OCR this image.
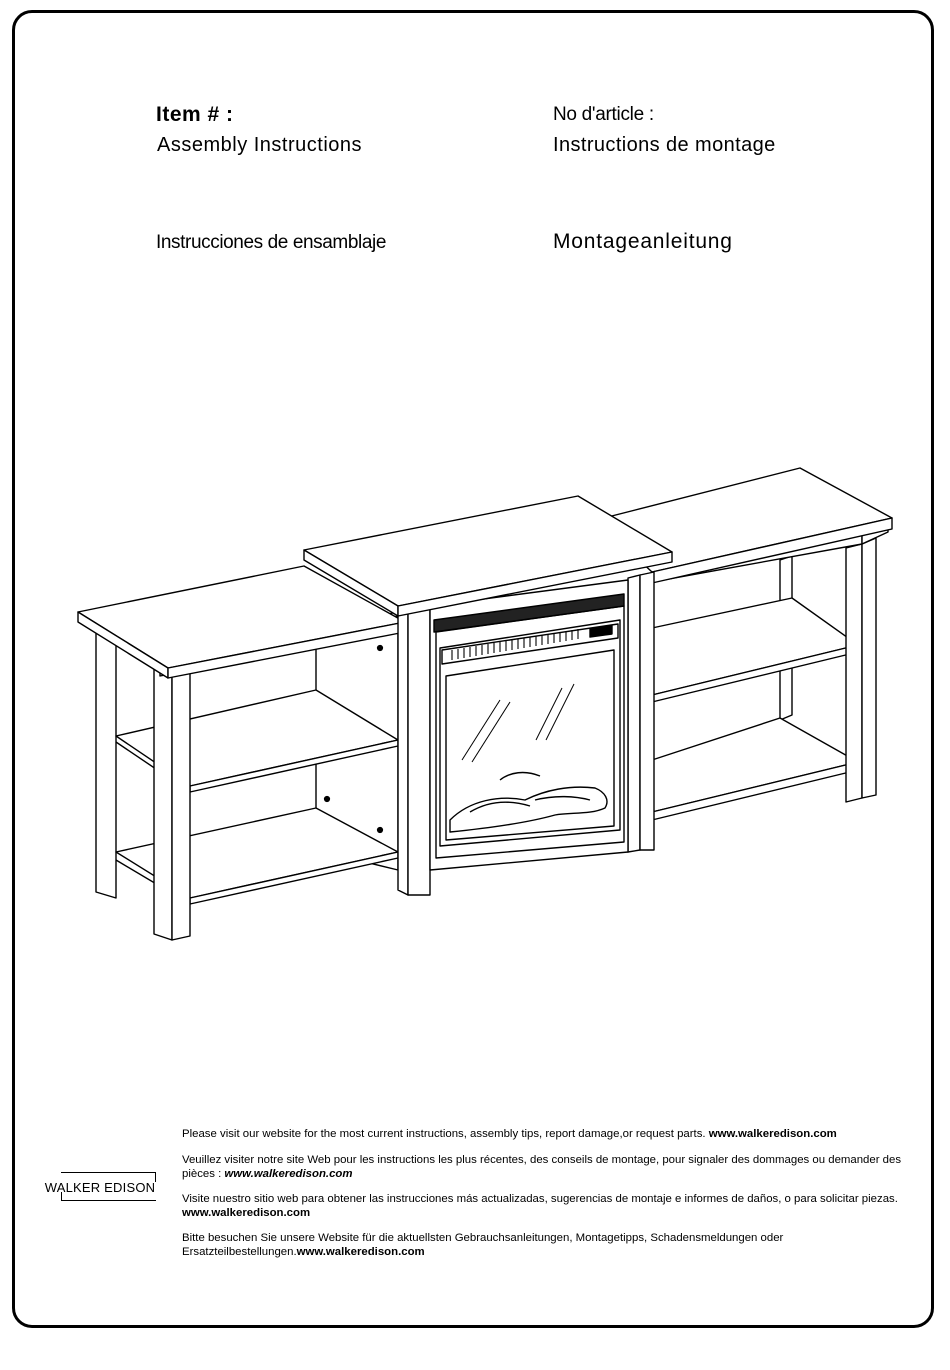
Item # :
Assembly Instructions
No d'article :
Instructions de montage
Instrucciones de ensamblaje	Montageanleitung
WALKER EDISON
Please visit our website for the most current instructions, assembly tips, report damage,or request parts. www.walkeredison.com
Veuillez visiter notre site Web pour les instructions les plus récentes, des conseils de montage, pour signaler des dommages ou demander des pièces : www.walkeredison.com
Visite nuestro sitio web para obtener las instrucciones más actualizadas, sugerencias de montaje e informes de daños, o para solicitar piezas. www.walkeredison.com
Bitte besuchen Sie unsere Website für die aktuellsten Gebrauchsanleitungen, Montagetipps, Schadensmeldungen oder Ersatzteilbestellungen.www.walkeredison.com
